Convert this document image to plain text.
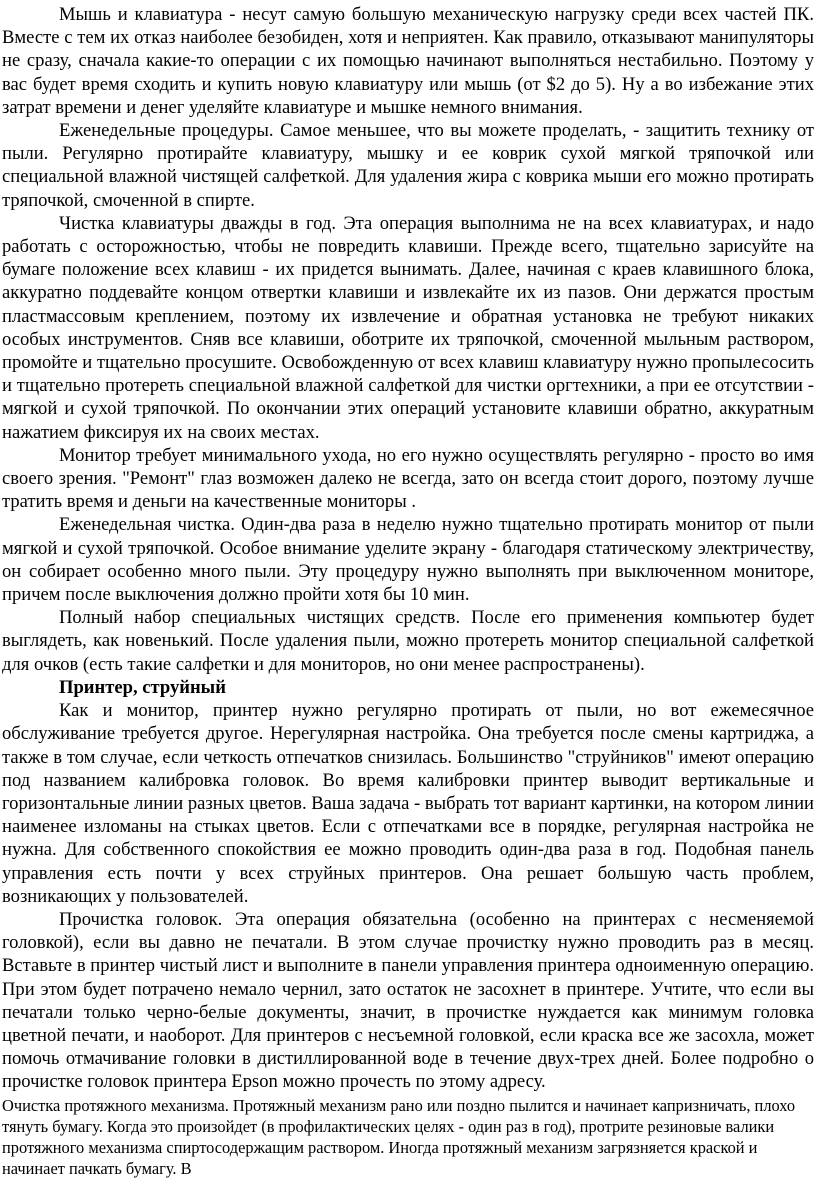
Мышь и клавиатура - несут самую большую механическую нагрузку среди всех частей ПК. Вместе с тем их отказ наиболее безобиден, хотя и неприятен. Как правило, отказывают манипуляторы не сразу, сначала какие-то операции с их помощью начинают выполняться нестабильно. Поэтому у вас будет время сходить и купить новую клавиатуру или мышь (от $2 до 5). Ну а во избежание этих затрат времени и денег уделяйте клавиатуре и мышке немного внимания.

Еженедельные процедуры. Самое меньшее, что вы можете проделать, - защитить технику от пыли. Регулярно протирайте клавиатуру, мышку и ее коврик сухой мягкой тряпочкой или специальной влажной чистящей салфеткой. Для удаления жира с коврика мыши его можно протирать тряпочкой, смоченной в спирте.

Чистка клавиатуры дважды в год. Эта операция выполнима не на всех клавиатурах, и надо работать с осторожностью, чтобы не повредить клавиши. Прежде всего, тщательно зарисуйте на бумаге положение всех клавиш - их придется вынимать. Далее, начиная с краев клавишного блока, аккуратно поддевайте концом отвертки клавиши и извлекайте их из пазов. Они держатся простым пластмассовым креплением, поэтому их извлечение и обратная установка не требуют никаких особых инструментов. Сняв все клавиши, оботрите их тряпочкой, смоченной мыльным раствором, промойте и тщательно просушите. Освобожденную от всех клавиш клавиатуру нужно пропылесосить и тщательно протереть специальной влажной салфеткой для чистки оргтехники, а при ее отсутствии - мягкой и сухой тряпочкой. По окончании этих операций установите клавиши обратно, аккуратным нажатием фиксируя их на своих местах.

Монитор требует минимального ухода, но его нужно осуществлять регулярно - просто во имя своего зрения. "Ремонт" глаз возможен далеко не всегда, зато он всегда стоит дорого, поэтому лучше тратить время и деньги на качественные мониторы .

Еженедельная чистка. Один-два раза в неделю нужно тщательно протирать монитор от пыли мягкой и сухой тряпочкой. Особое внимание уделите экрану - благодаря статическому электричеству, он собирает особенно много пыли. Эту процедуру нужно выполнять при выключенном мониторе, причем после выключения должно пройти хотя бы 10 мин.

Полный набор специальных чистящих средств. После его применения компьютер будет выглядеть, как новенький. После удаления пыли, можно протереть монитор специальной салфеткой для очков (есть такие салфетки и для мониторов, но они менее распространены).

Принтер, струйный

Как и монитор, принтер нужно регулярно протирать от пыли, но вот ежемесячное обслуживание требуется другое. Нерегулярная настройка. Она требуется после смены картриджа, а также в том случае, если четкость отпечатков снизилась. Большинство "струйников" имеют операцию под названием калибровка головок. Во время калибровки принтер выводит вертикальные и горизонтальные линии разных цветов. Ваша задача - выбрать тот вариант картинки, на котором линии наименее изломаны на стыках цветов. Если с отпечатками все в порядке, регулярная настройка не нужна. Для собственного спокойствия ее можно проводить один-два раза в год. Подобная панель управления есть почти у всех струйных принтеров. Она решает большую часть проблем, возникающих у пользователей.

Прочистка головок. Эта операция обязательна (особенно на принтерах с несменяемой головкой), если вы давно не печатали. В этом случае прочистку нужно проводить раз в месяц. Вставьте в принтер чистый лист и выполните в панели управления принтера одноименную операцию. При этом будет потрачено немало чернил, зато остаток не засохнет в принтере. Учтите, что если вы печатали только черно-белые документы, значит, в прочистке нуждается как минимум головка цветной печати, и наоборот. Для принтеров с несъемной головкой, если краска все же засохла, может помочь отмачивание головки в дистиллированной воде в течение двух-трех дней. Более подробно о прочистке головок принтера Epson можно прочесть по этому адресу.

Очистка протяжного механизма. Протяжный механизм рано или поздно пылится и начинает капризничать, плохо тянуть бумагу. Когда это произойдет (в профилактических целях - один раз в год), протрите резиновые валики протяжного механизма спиртосодержащим раствором. Иногда протяжный механизм загрязняется краской и начинает пачкать бумагу. В
